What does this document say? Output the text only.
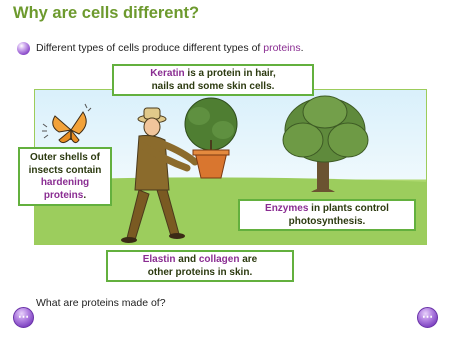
Why are cells different?
Different types of cells produce different types of proteins.
Keratin is a protein in hair,
nails and some skin cells.
Outer shells of
insects contain
hardening
proteins.
Enzymes in plants control
photosynthesis.
Elastin and collagen are
other proteins in skin.
What are proteins made of?
⋯	⋯
